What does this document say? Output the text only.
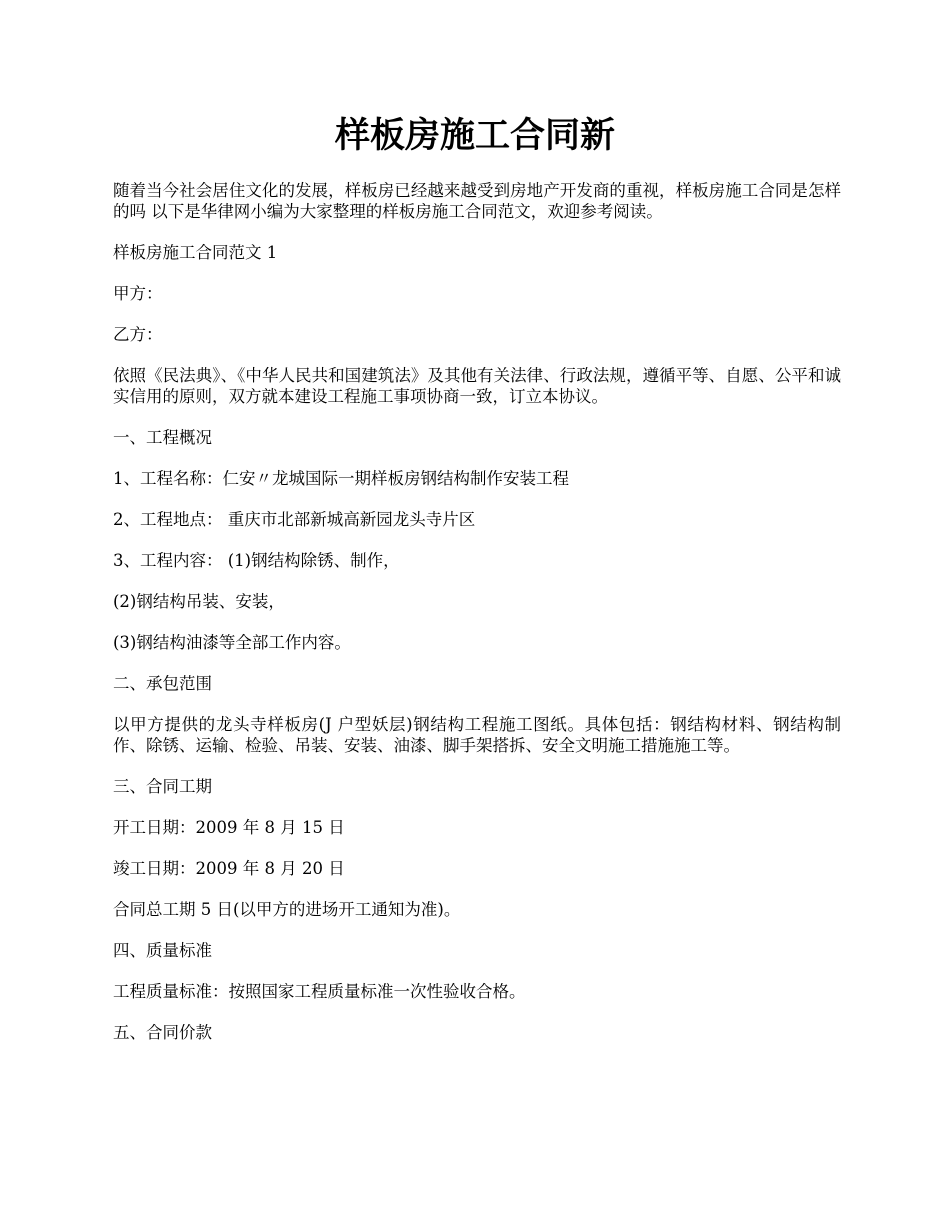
样板房施工合同新

随着当今社会居住文化的发展，样板房已经越来越受到房地产开发商的重视，样板房施工合同是怎样的吗 以下是华律网小编为大家整理的样板房施工合同范文，欢迎参考阅读。

样板房施工合同范文 1

甲方：

乙方：

依照《民法典》、《中华人民共和国建筑法》及其他有关法律、行政法规，遵循平等、自愿、公平和诚实信用的原则，双方就本建设工程施工事项协商一致，订立本协议。

一、工程概况

1、工程名称：仁安〃龙城国际一期样板房钢结构制作安装工程

2、工程地点： 重庆市北部新城高新园龙头寺片区

3、工程内容： (1)钢结构除锈、制作，

(2)钢结构吊装、安装，

(3)钢结构油漆等全部工作内容。

二、承包范围

以甲方提供的龙头寺样板房(J 户型妖层)钢结构工程施工图纸。具体包括：钢结构材料、钢结构制作、除锈、运输、检验、吊装、安装、油漆、脚手架搭拆、安全文明施工措施施工等。

三、合同工期

开工日期：2009 年 8 月 15 日

竣工日期：2009 年 8 月 20 日

合同总工期 5 日(以甲方的进场开工通知为准)。

四、质量标准

工程质量标准：按照国家工程质量标准一次性验收合格。

五、合同价款
